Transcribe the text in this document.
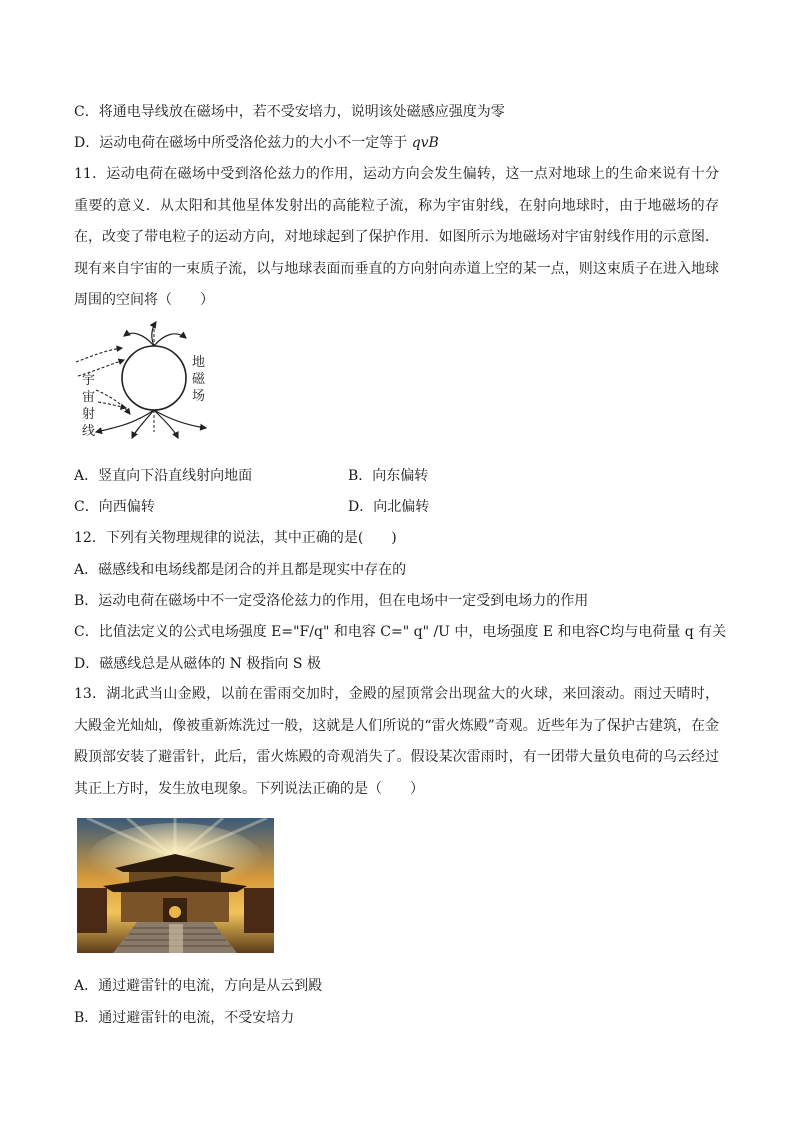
C．将通电导线放在磁场中，若不受安培力，说明该处磁感应强度为零
D．运动电荷在磁场中所受洛伦兹力的大小不一定等于 qvB
11．运动电荷在磁场中受到洛伦兹力的作用，运动方向会发生偏转，这一点对地球上的生命来说有十分重要的意义．从太阳和其他星体发射出的高能粒子流，称为宇宙射线，在射向地球时，由于地磁场的存在，改变了带电粒子的运动方向，对地球起到了保护作用．如图所示为地磁场对宇宙射线作用的示意图．现有来自宇宙的一束质子流，以与地球表面而垂直的方向射向赤道上空的某一点，则这束质子在进入地球周围的空间将（　　）
地
磁
场
宇
宙
射
线
A．竖直向下沿直线射向地面	B．向东偏转
C．向西偏转	D．向北偏转
12．下列有关物理规律的说法，其中正确的是(　　)
A．磁感线和电场线都是闭合的并且都是现实中存在的
B．运动电荷在磁场中不一定受洛伦兹力的作用，但在电场中一定受到电场力的作用
C．比值法定义的公式电场强度 E="F/q" 和电容 C=" q" /U 中，电场强度 E 和电容C均与电荷量 q 有关
D．磁感线总是从磁体的 N 极指向 S 极
13．湖北武当山金殿，以前在雷雨交加时，金殿的屋顶常会出现盆大的火球，来回滚动。雨过天晴时，大殿金光灿灿，像被重新炼洗过一般，这就是人们所说的“雷火炼殿”奇观。近些年为了保护古建筑，在金殿顶部安装了避雷针，此后，雷火炼殿的奇观消失了。假设某次雷雨时，有一团带大量负电荷的乌云经过其正上方时，发生放电现象。下列说法正确的是（　　）
A．通过避雷针的电流，方向是从云到殿
B．通过避雷针的电流，不受安培力
